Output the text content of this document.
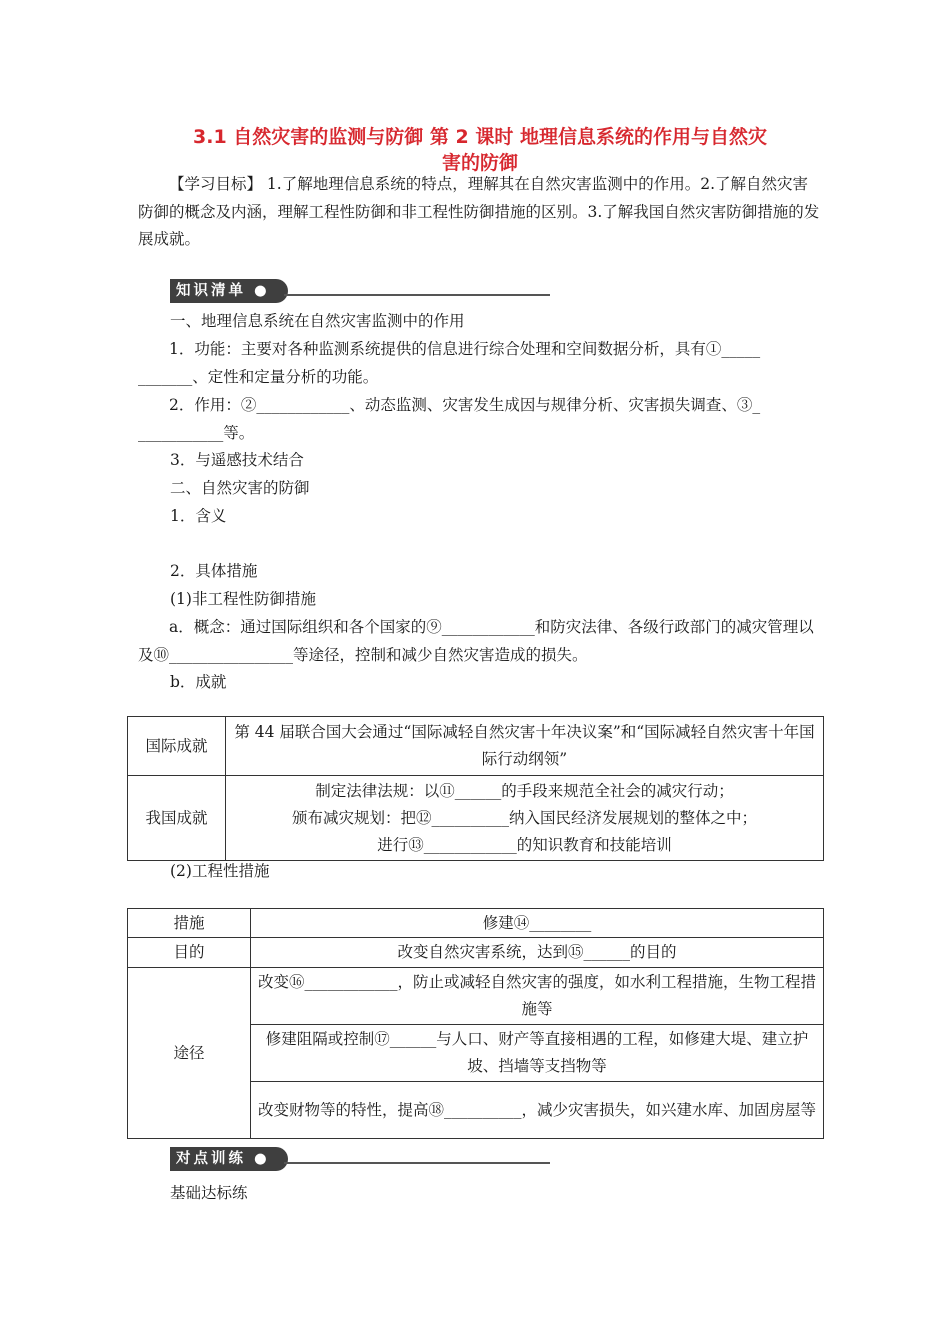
3.1 自然灾害的监测与防御 第 2 课时 地理信息系统的作用与自然灾
害的防御
【学习目标】 1.了解地理信息系统的特点，理解其在自然灾害监测中的作用。2.了解自然灾害防御的概念及内涵，理解工程性防御和非工程性防御措施的区别。3.了解我国自然灾害防御措施的发展成就。
知识清单 ●
一、地理信息系统在自然灾害监测中的作用
1．功能：主要对各种监测系统提供的信息进行综合处理和空间数据分析，具有①_____ _______、定性和定量分析的功能。
2．作用：②____________、动态监测、灾害发生成因与规律分析、灾害损失调查、③_ ___________等。
3．与遥感技术结合
二、自然灾害的防御
1．含义
2．具体措施
(1)非工程性防御措施
a．概念：通过国际组织和各个国家的⑨____________和防灾法律、各级行政部门的减灾管理以及⑩________________等途径，控制和减少自然灾害造成的损失。
b．成就
国际成就	第 44 届联合国大会通过“国际减轻自然灾害十年决议案”和“国际减轻自然灾害十年国际行动纲领”
我国成就	制定法律法规：以⑪______的手段来规范全社会的减灾行动；
颁布减灾规划：把⑫__________纳入国民经济发展规划的整体之中；
进行⑬____________的知识教育和技能培训
(2)工程性措施
措施	修建⑭________
目的	改变自然灾害系统，达到⑮______的目的
途径	改变⑯____________，防止或减轻自然灾害的强度，如水利工程措施，生物工程措施等
	修建阻隔或控制⑰______与人口、财产等直接相遇的工程，如修建大堤、建立护坡、挡墙等支挡物等
	改变财物等的特性，提高⑱__________，减少灾害损失，如兴建水库、加固房屋等
对点训练 ●
基础达标练
